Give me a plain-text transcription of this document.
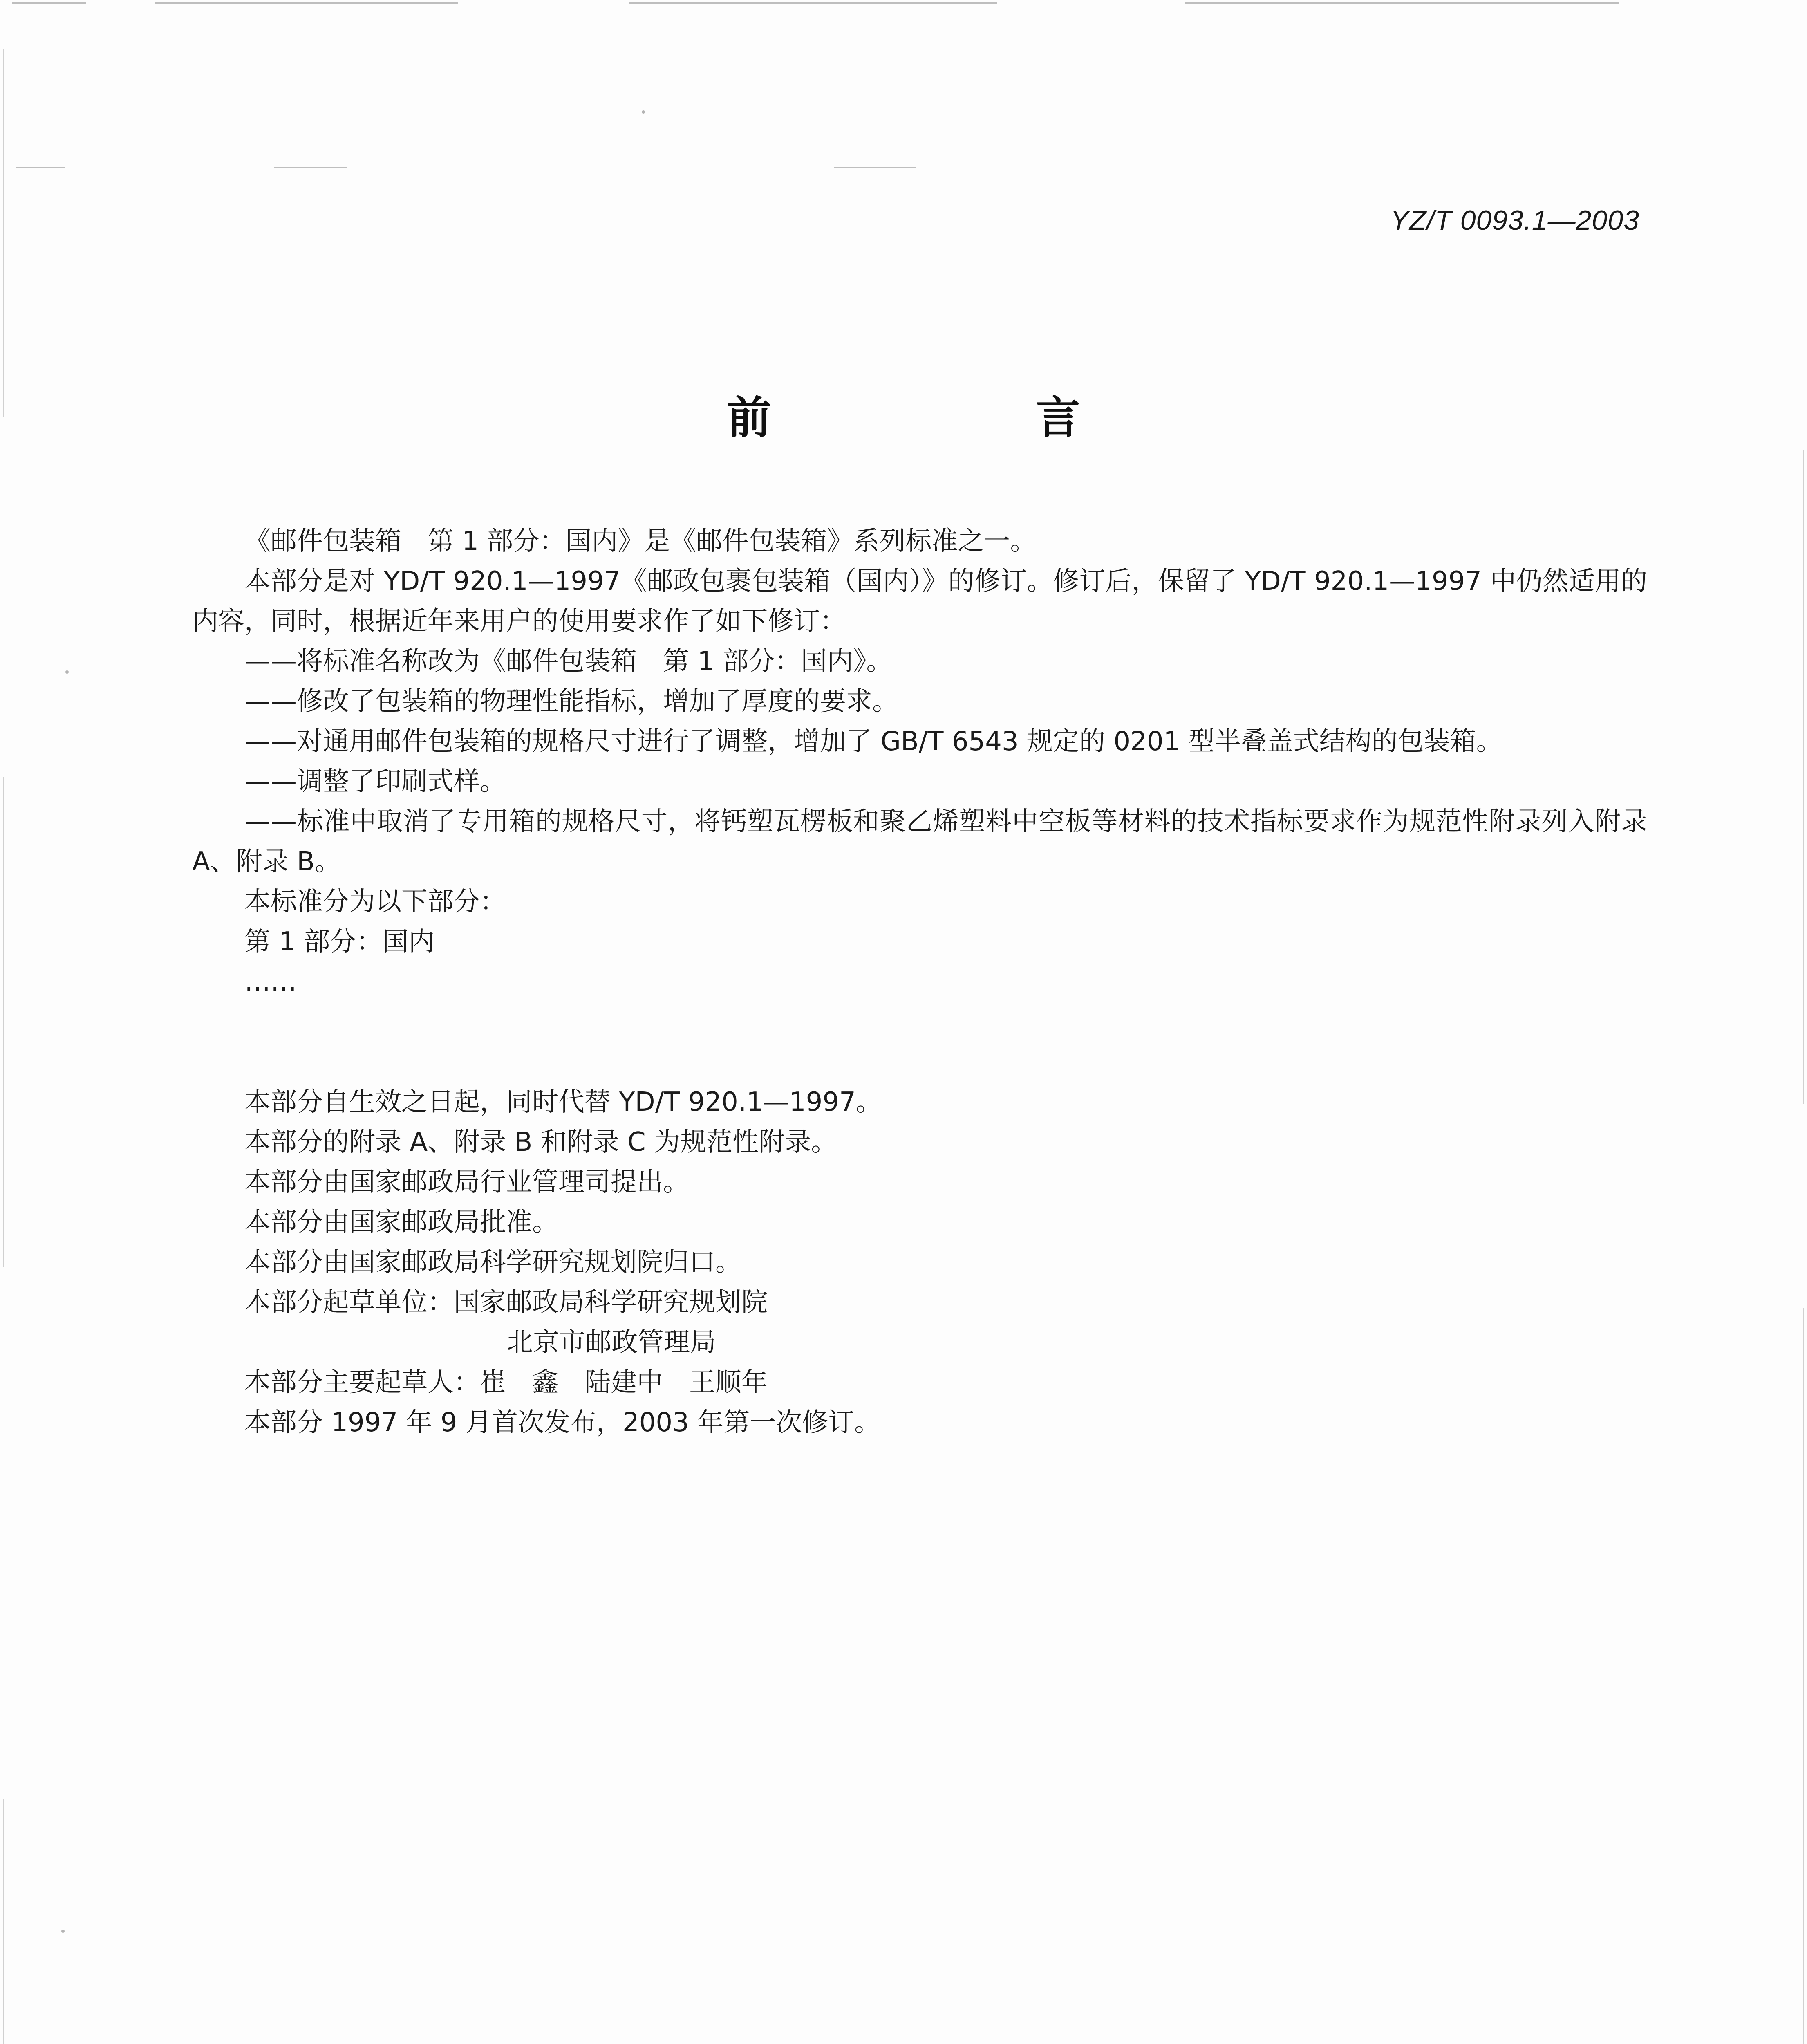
YZ/T 0093.1—2003
前　言

《邮件包装箱　第 1 部分：国内》是《邮件包装箱》系列标准之一。

本部分是对 YD/T 920.1—1997《邮政包裹包装箱（国内）》的修订。修订后，保留了 YD/T 920.1—1997 中仍然适用的内容，同时，根据近年来用户的使用要求作了如下修订：

——将标准名称改为《邮件包装箱　第 1 部分：国内》。

——修改了包装箱的物理性能指标，增加了厚度的要求。

——对通用邮件包装箱的规格尺寸进行了调整，增加了 GB/T 6543 规定的 0201 型半叠盖式结构的包装箱。

——调整了印刷式样。

——标准中取消了专用箱的规格尺寸，将钙塑瓦楞板和聚乙烯塑料中空板等材料的技术指标要求作为规范性附录列入附录 A、附录 B。

本标准分为以下部分：

第 1 部分：国内

……

本部分自生效之日起，同时代替 YD/T 920.1—1997。

本部分的附录 A、附录 B 和附录 C 为规范性附录。

本部分由国家邮政局行业管理司提出。

本部分由国家邮政局批准。

本部分由国家邮政局科学研究规划院归口。

本部分起草单位：国家邮政局科学研究规划院

北京市邮政管理局

本部分主要起草人：崔　鑫　陆建中　王顺年

本部分 1997 年 9 月首次发布，2003 年第一次修订。
